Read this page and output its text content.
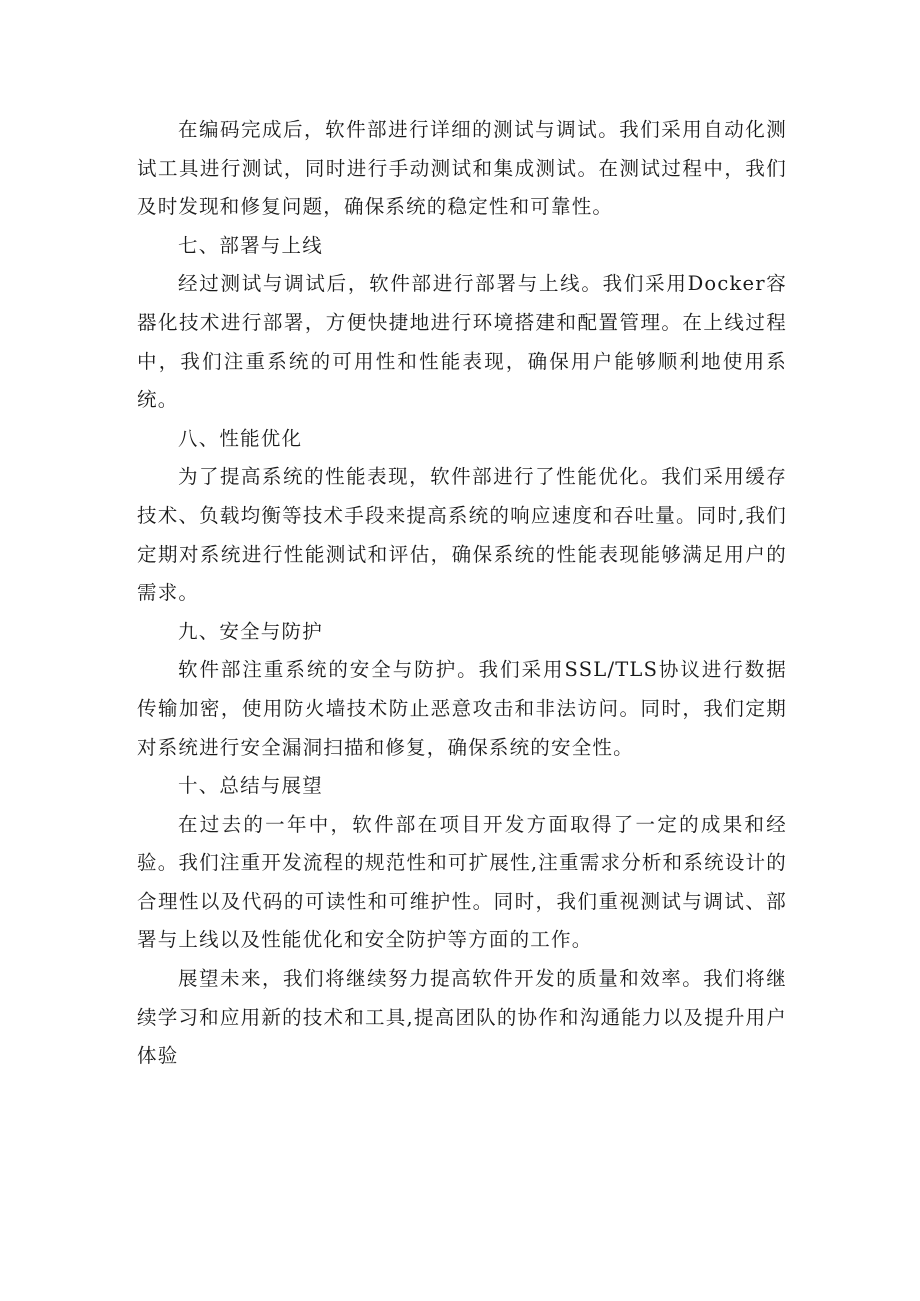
在编码完成后，软件部进行详细的测试与调试。我们采用自动化测试工具进行测试，同时进行手动测试和集成测试。在测试过程中，我们及时发现和修复问题，确保系统的稳定性和可靠性。

七、部署与上线

经过测试与调试后，软件部进行部署与上线。我们采用Docker容器化技术进行部署，方便快捷地进行环境搭建和配置管理。在上线过程中，我们注重系统的可用性和性能表现，确保用户能够顺利地使用系统。

八、性能优化

为了提高系统的性能表现，软件部进行了性能优化。我们采用缓存技术、负载均衡等技术手段来提高系统的响应速度和吞吐量。同时,我们定期对系统进行性能测试和评估，确保系统的性能表现能够满足用户的需求。

九、安全与防护

软件部注重系统的安全与防护。我们采用SSL/TLS协议进行数据传输加密，使用防火墙技术防止恶意攻击和非法访问。同时，我们定期对系统进行安全漏洞扫描和修复，确保系统的安全性。

十、总结与展望

在过去的一年中，软件部在项目开发方面取得了一定的成果和经验。我们注重开发流程的规范性和可扩展性,注重需求分析和系统设计的合理性以及代码的可读性和可维护性。同时，我们重视测试与调试、部署与上线以及性能优化和安全防护等方面的工作。

展望未来，我们将继续努力提高软件开发的质量和效率。我们将继续学习和应用新的技术和工具,提高团队的协作和沟通能力以及提升用户体验
